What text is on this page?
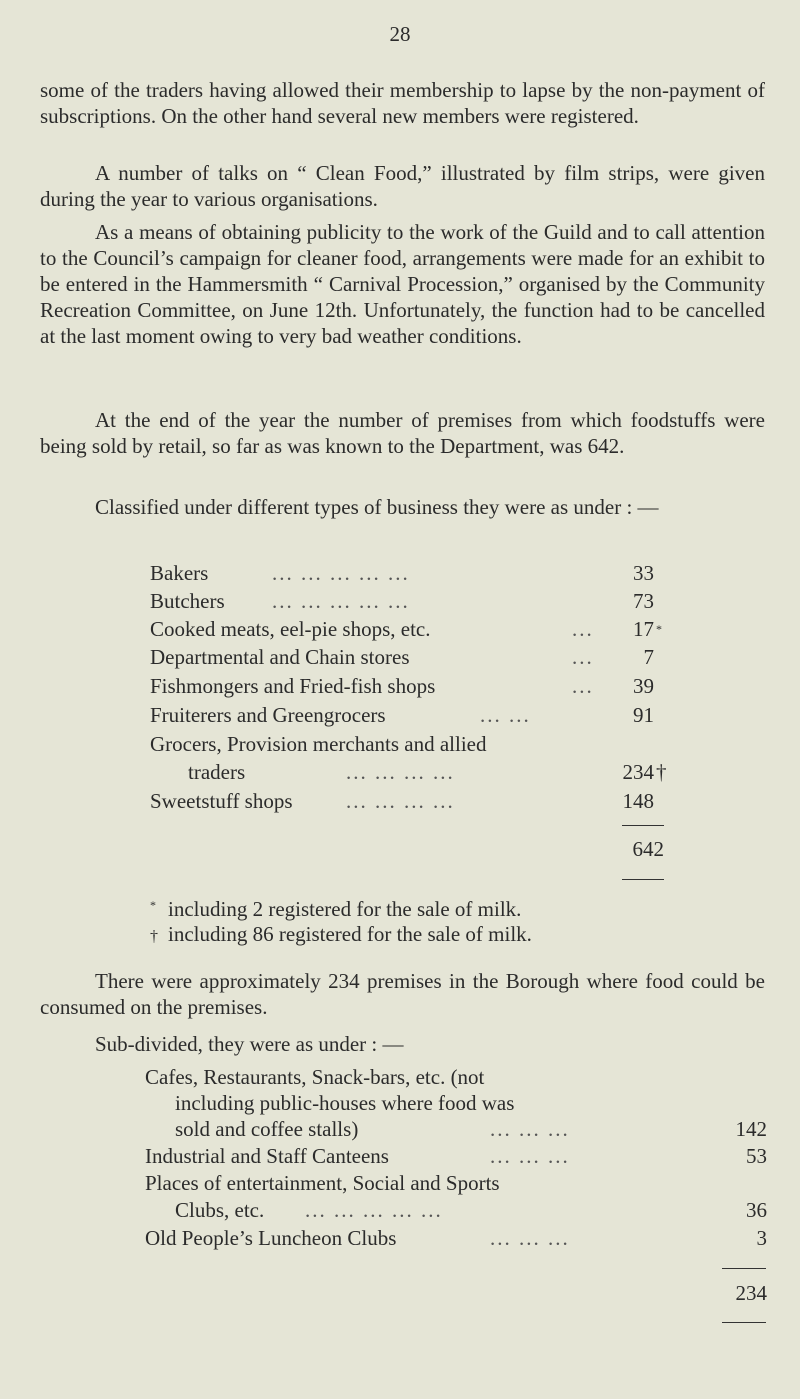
28

some of the traders having allowed their membership to lapse by the non-payment of subscriptions. On the other hand several new members were registered.

A number of talks on “ Clean Food,” illustrated by film strips, were given during the year to various organisations.

As a means of obtaining publicity to the work of the Guild and to call attention to the Council’s campaign for cleaner food, arrangements were made for an exhibit to be entered in the Hammersmith “ Carnival Procession,” organised by the Community Recreation Committee, on June 12th. Unfortunately, the function had to be cancelled at the last moment owing to very bad weather conditions.

At the end of the year the number of premises from which foodstuffs were being sold by retail, so far as was known to the Department, was 642.

Classified under different types of business they were as under : —

Bakers	... ... ... ... ...	33
Butchers ... ... ... ... ...	73
Cooked meats, eel-pie shops, etc.	...	17 *
Departmental and Chain stores	...	7
Fishmongers and Fried-fish shops	...	39
Fruiterers and Greengrocers	... ...	91
Grocers, Provision merchants and allied
traders	... ... ... ...	234 †
Sweetstuff shops	... ... ... ...	148
642
* including 2 registered for the sale of milk.
† including 86 registered for the sale of milk.

There were approximately 234 premises in the Borough where food could be consumed on the premises.

Sub-divided, they were as under : —
Cafes, Restaurants, Snack-bars, etc. (not
including public-houses where food was
sold and coffee stalls)	... ... ...	142
Industrial and Staff Canteens	... ... ...	53
Places of entertainment, Social and Sports
Clubs, etc. ... ... ... ... ...	36
Old People’s Luncheon Clubs	... ... ...	3
234
